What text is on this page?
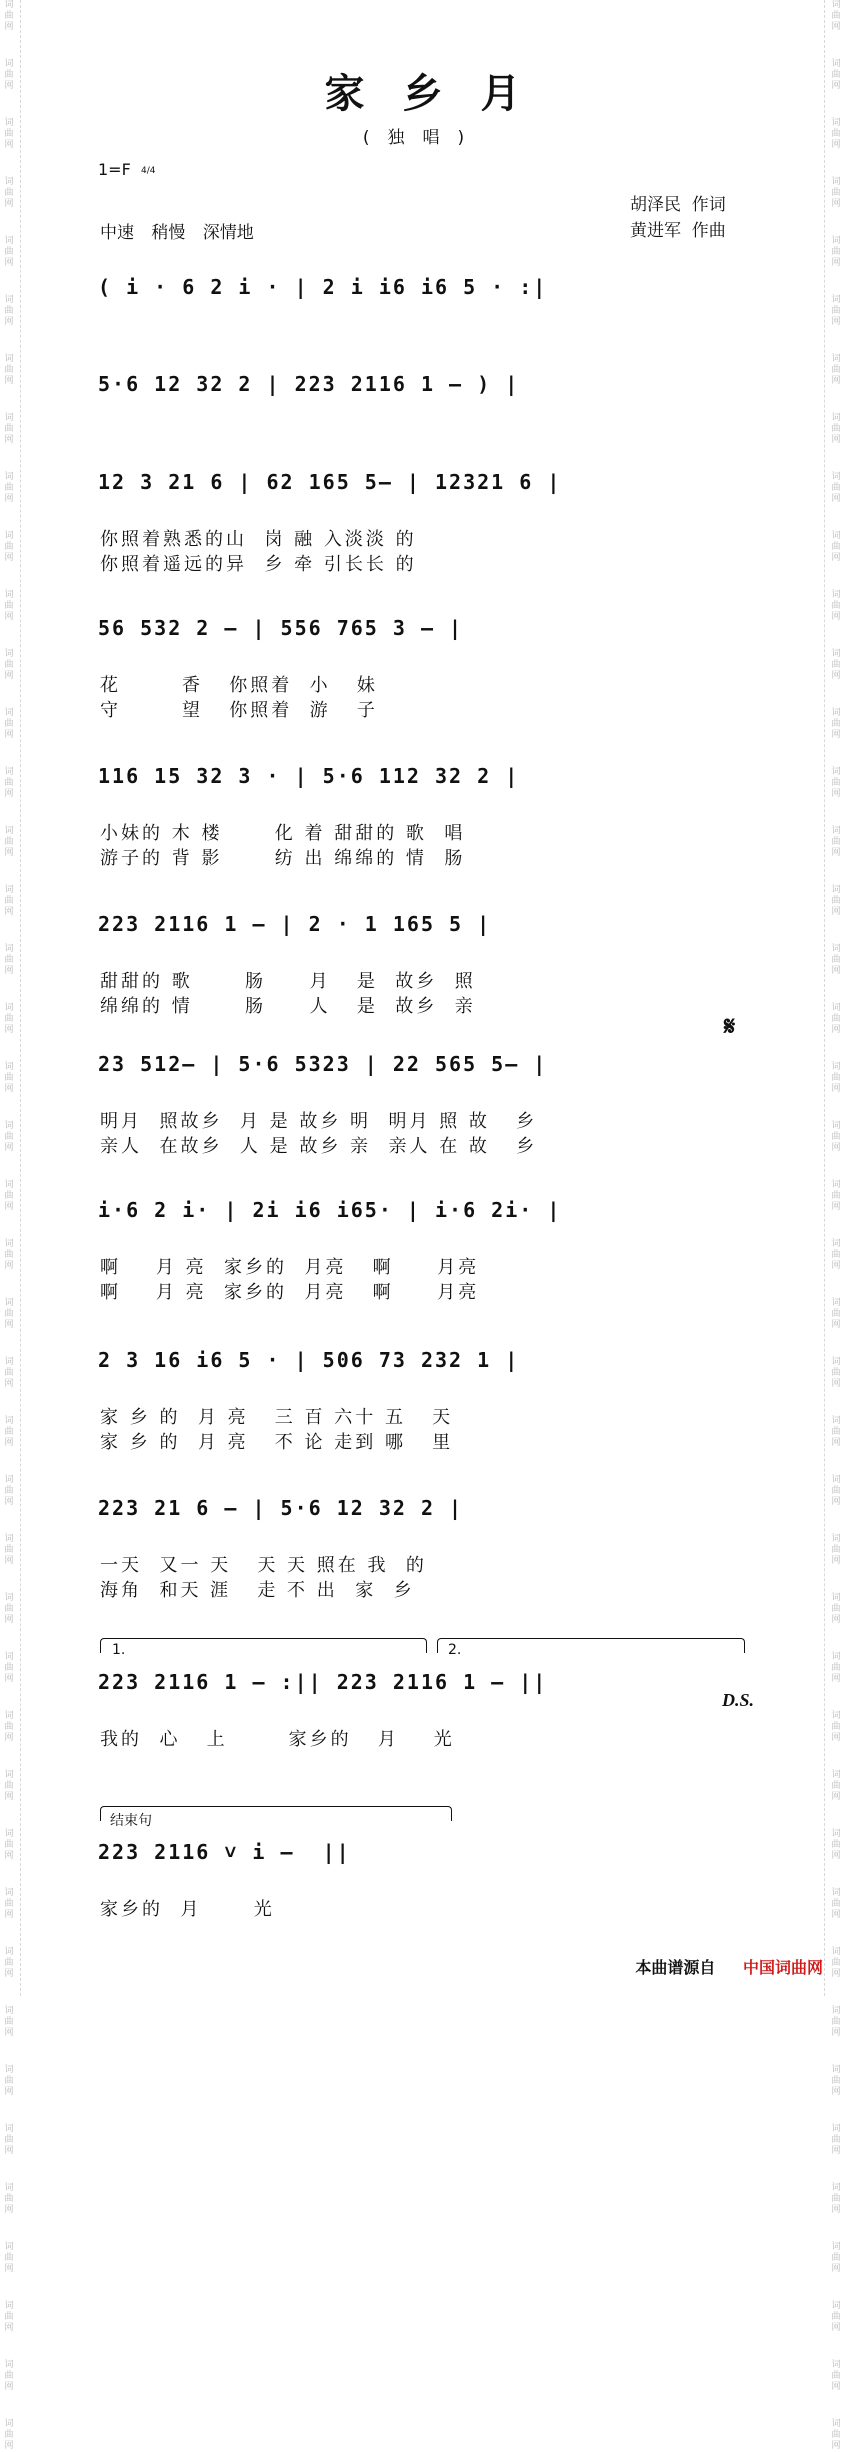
词
曲
网
词
曲
网
词
曲
网
词
曲
网
词
曲
网
词
曲
网
词
曲
网
词
曲
网
词
曲
网
词
曲
网
词
曲
网
词
曲
网
词
曲
网
词
曲
网
词
曲
网
词
曲
网
词
曲
网
词
曲
网
词
曲
网
词
曲
网
词
曲
网
词
曲
网
词
曲
网
词
曲
网
词
曲
网
词
曲
网
词
曲
网
词
曲
网
词
曲
网
词
曲
网
词
曲
网
词
曲
网
词
曲
网
词
曲
网
词
曲
网
词
曲
网
词
曲
网
词
曲
网
词
曲
网
词
曲
网
词
曲
网
词
曲
网
词
曲
网
词
曲
网
词
曲
网
词
曲
网
词
曲
网
词
曲
网
词
曲
网
词
曲
网
词
曲
网
词
曲
网
词
曲
网
词
曲
网
词
曲
网
词
曲
网
词
曲
网
词
曲
网
词
曲
网
词
曲
网
词
曲
网
词
曲
网
词
曲
网
词
曲
网
词
曲
网
词
曲
网
词
曲
网
词
曲
网
词
曲
网
词
曲
网
词
曲
网
词
曲
网
词
曲
网
词
曲
网
词
曲
网
词
曲
网
词
曲
网
词
曲
网
词
曲
网
词
曲
网
词
曲
网
词
曲
网
词
曲
网
词
曲
网
家乡月
(独唱)
1=F 4/4
中速 稍慢 深情地
胡泽民  作词
黄进军  作曲
( i · 6 2 i · | 2 i i6 i6 5 · :|
5·6 12 32 2 | 223 2116 1 — ) |
12 3 21 6 | 62 165 5— | 12321 6 |
你照着熟悉的山  岗 融 入淡淡 的
你照着遥远的异  乡 牵 引长长 的
56 532 2 — | 556 765 3 — |
花       香   你照着  小   妹
守       望   你照着  游   子
116 15 32 3 · | 5·6 112 32 2 |
小妹的 木 楼      化 着 甜甜的 歌  唱
游子的 背 影      纺 出 绵绵的 情  肠
223 2116 1 — | 2 · 1 165 5 |
甜甜的 歌      肠     月   是  故乡  照
绵绵的 情      肠     人   是  故乡  亲
𝄋
23 512— | 5·6 5323 | 22 565 5— |
明月  照故乡  月 是 故乡 明  明月 照 故   乡
亲人  在故乡  人 是 故乡 亲  亲人 在 故   乡
i·6 2 i· | 2i i6 i65· | i·6 2i· |
啊    月 亮  家乡的  月亮   啊     月亮
啊    月 亮  家乡的  月亮   啊     月亮
2 3 16 i6 5 · | 506 73 232 1 |
家 乡 的  月 亮   三 百 六十 五   天
家 乡 的  月 亮   不 论 走到 哪   里
223 21 6 — | 5·6 12 32 2 |
一天  又一 天   天 天 照在 我  的
海角  和天 涯   走 不 出  家  乡
1.	2.
223 2116 1 — :|| 223 2116 1 — ||
我的  心   上       家乡的   月    光
D.S.
结束句
223 2116 ˅ i —  ||
家乡的  月      光
本曲谱源自 中国词曲网
